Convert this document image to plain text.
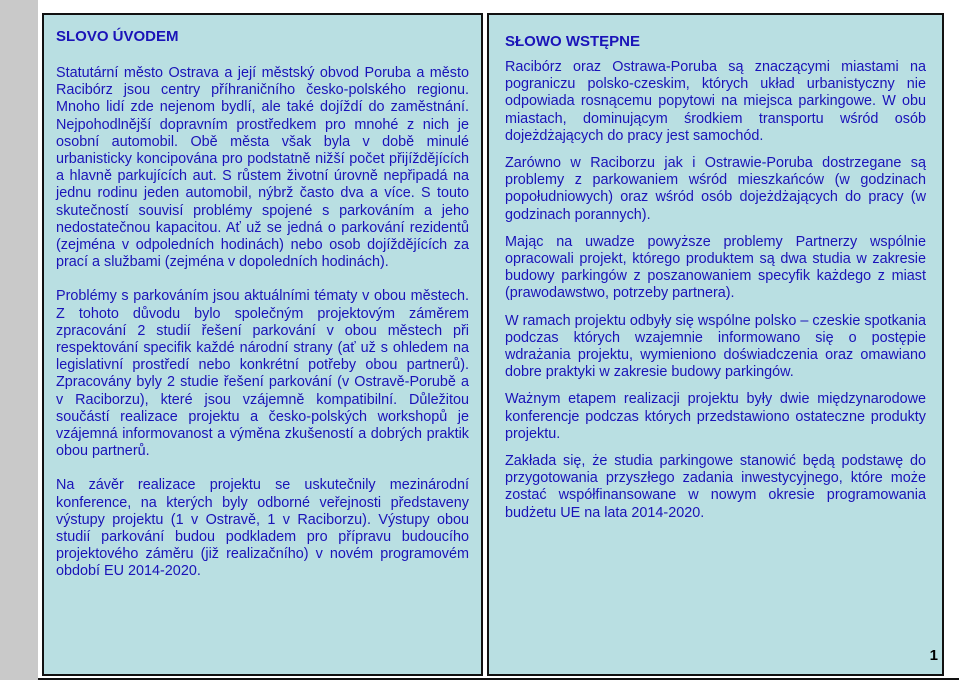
SLOVO ÚVODEM

Statutární město Ostrava a její městský obvod Poruba a město Racibórz jsou centry příhraničního česko-polského regionu. Mnoho lidí zde nejenom bydlí, ale také dojíždí do zaměstnání. Nejpohodlnější dopravním prostředkem pro mnohé z nich je osobní automobil. Obě města však byla v době minulé urbanisticky koncipována pro podstatně nižší počet přijíždějících a hlavně parkujících aut. S růstem životní úrovně nepřipadá na jednu rodinu jeden automobil, nýbrž často dva a více. S touto skutečností souvisí problémy spojené s parkováním a jeho nedostatečnou kapacitou. Ať už se jedná o parkování rezidentů (zejména v odpoledních hodinách) nebo osob dojíždějících za prací a službami (zejména v dopoledních hodinách).

Problémy s parkováním jsou aktuálními tématy v obou městech. Z tohoto důvodu bylo společným projektovým záměrem zpracování 2 studií řešení parkování v obou městech při respektování specifik každé národní strany (ať už s ohledem na legislativní prostředí nebo konkrétní potřeby obou partnerů). Zpracovány byly 2 studie řešení parkování (v Ostravě-Porubě a v Raciborzu), které jsou vzájemně kompatibilní. Důležitou součástí realizace projektu a česko-polských workshopů je vzájemná informovanost a výměna zkušeností a dobrých praktik obou partnerů.

Na závěr realizace projektu se uskutečnily mezinárodní konference, na kterých byly odborné veřejnosti představeny výstupy projektu (1 v Ostravě, 1 v Raciborzu). Výstupy obou studií parkování budou podkladem pro přípravu budoucího projektového záměru (již realizačního) v novém programovém období EU 2014-2020.

SŁOWO WSTĘPNE

Racibórz oraz Ostrawa-Poruba są znaczącymi miastami na pograniczu polsko-czeskim, których układ urbanistyczny nie odpowiada rosnącemu popytowi na miejsca parkingowe. W obu miastach, dominującym środkiem transportu wśród osób dojeżdżających do pracy jest samochód.

Zarówno w Raciborzu jak i Ostrawie-Poruba dostrzegane są problemy z parkowaniem wśród mieszkańców (w godzinach popołudniowych) oraz wśród osób dojeżdżających do pracy (w godzinach porannych).

Mając na uwadze powyższe problemy Partnerzy wspólnie opracowali projekt, którego produktem są dwa studia w zakresie budowy parkingów z poszanowaniem specyfik każdego z miast (prawodawstwo, potrzeby partnera).

W ramach projektu odbyły się wspólne polsko – czeskie spotkania podczas których wzajemnie informowano się o postępie wdrażania projektu, wymieniono doświadczenia oraz omawiano dobre praktyki w zakresie budowy parkingów.

Ważnym etapem realizacji projektu były dwie międzynarodowe konferencje podczas których przedstawiono ostateczne produkty projektu.

Zakłada się, że studia parkingowe stanowić będą podstawę do przygotowania przyszłego zadania inwestycyjnego, które może zostać współfinansowane w nowym okresie programowania budżetu UE na lata 2014-2020.

1
